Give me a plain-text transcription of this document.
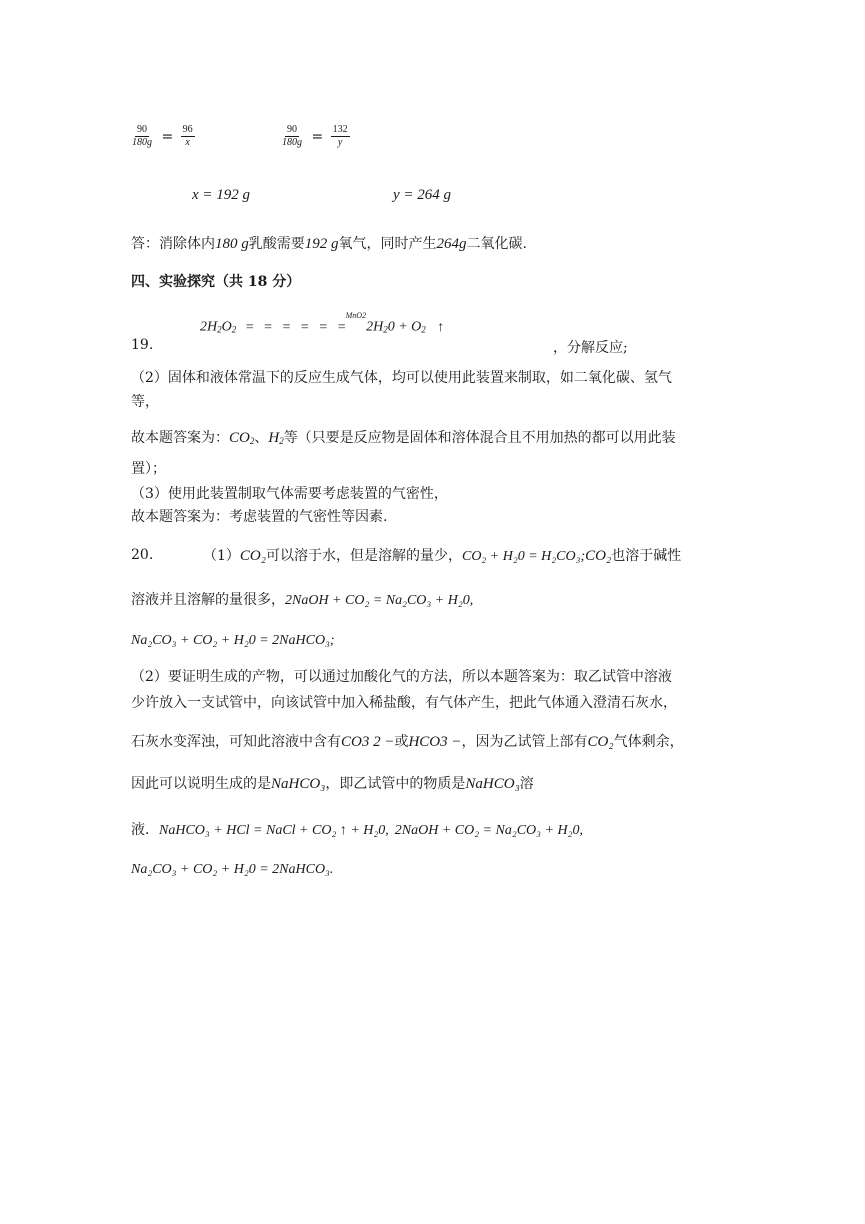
$\frac{90}{180g} = \frac{96}{x}$	$\frac{90}{180g} = \frac{132}{y}$
x = 192 g	y = 264 g
答：消除体内180 g乳酸需要192 g氧气，同时产生264g二氧化碳.
四、实验探究（共 18 分）
19.
$2H_2O_2$ =   =   =   =   =   $=^{MnO2}2H_20 + O_2$ ↑
，分解反应;
（2）固体和液体常温下的反应生成气体，均可以使用此装置来制取，如二氧化碳、氢气
等，
故本题答案为：$CO_2$、$H_2$等（只要是反应物是固体和溶体混合且不用加热的都可以用此装
置）；
（3）使用此装置制取气体需要考虑装置的气密性，
故本题答案为：考虑装置的气密性等因素.
20.	（1）CO₂可以溶于水，但是溶解的量少，CO₂ + H₂0 = H₂CO₃;CO₂也溶于碱性
溶液并且溶解的量很多，2NaOH + CO₂ = Na₂CO₃ + H₂0,
Na₂CO₃ + CO₂ + H₂0 = 2NaHCO₃;
（2）要证明生成的产物，可以通过加酸化气的方法，所以本题答案为：取乙试管中溶液
少许放入一支试管中，向该试管中加入稀盐酸，有气体产生，把此气体通入澄清石灰水，
石灰水变浑浊，可知此溶液中含有CO3 2 −或HCO3 −，因为乙试管上部有CO₂气体剩余，
因此可以说明生成的是NaHCO₃，即乙试管中的物质是NaHCO₃溶
液．NaHCO₃ + HCl = NaCl + CO₂ ↑ + H₂0, 2NaOH + CO₂ = Na₂CO₃ + H₂0,
Na₂CO₃ + CO₂ + H₂0 = 2NaHCO₃.
